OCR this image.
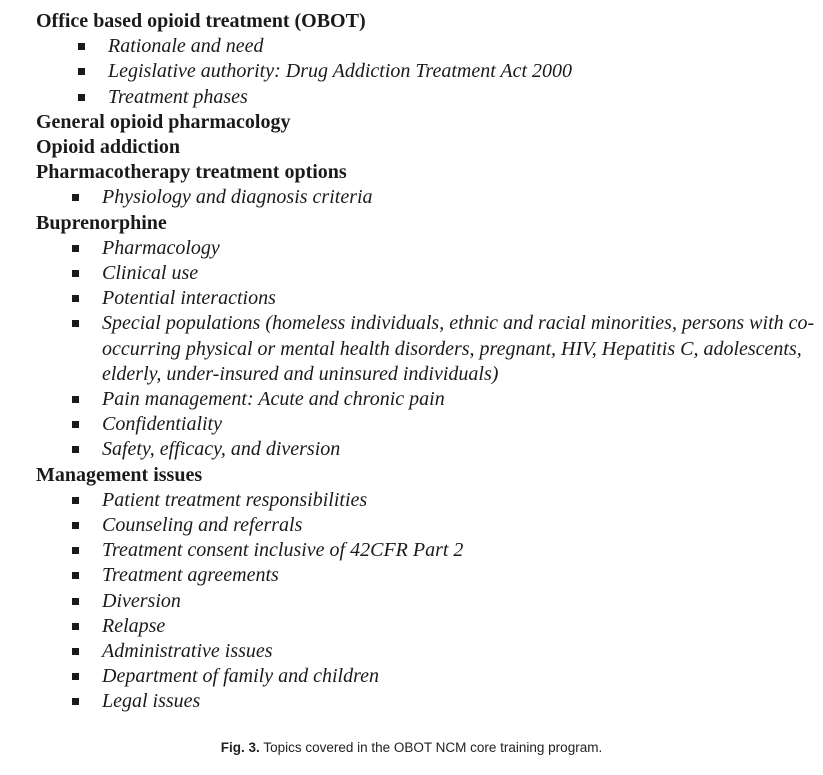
Office based opioid treatment (OBOT)
Rationale and need
Legislative authority: Drug Addiction Treatment Act 2000
Treatment phases
General opioid pharmacology
Opioid addiction
Pharmacotherapy treatment options
Physiology and diagnosis criteria
Buprenorphine
Pharmacology
Clinical use
Potential interactions
Special populations (homeless individuals, ethnic and racial minorities, persons with co-occurring physical or mental health disorders, pregnant, HIV, Hepatitis C, adolescents, elderly, under-insured and uninsured individuals)
Pain management: Acute and chronic pain
Confidentiality
Safety, efficacy, and diversion
Management issues
Patient treatment responsibilities
Counseling and referrals
Treatment consent inclusive of 42CFR Part 2
Treatment agreements
Diversion
Relapse
Administrative issues
Department of family and children
Legal issues
Fig. 3. Topics covered in the OBOT NCM core training program.
